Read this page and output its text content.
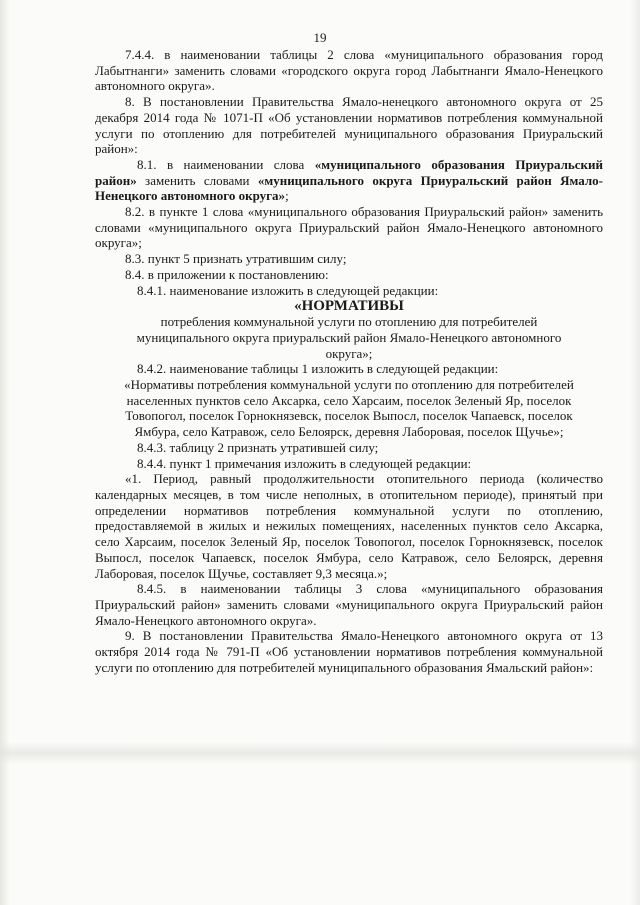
19

7.4.4. в наименовании таблицы 2 слова «муниципального образования город Лабытнанги» заменить словами «городского округа город Лабытнанги Ямало-Ненецкого автономного округа».

8. В постановлении Правительства Ямало-ненецкого автономного округа от 25 декабря 2014 года № 1071-П «Об установлении нормативов потребления коммунальной услуги по отоплению для потребителей муниципального образования Приуральский район»:

8.1. в наименовании слова «муниципального образования Приуральский район» заменить словами «муниципального округа Приуральский район Ямало-Ненецкого автономного округа»;

8.2. в пункте 1 слова «муниципального образования Приуральский район» заменить словами «муниципального округа Приуральский район Ямало-Ненецкого автономного округа»;

8.3. пункт 5 признать утратившим силу;

8.4. в приложении к постановлению:

8.4.1. наименование изложить в следующей редакции:

«НОРМАТИВЫ

потребления коммунальной услуги по отоплению для потребителей муниципального округа приуральский район Ямало-Ненецкого автономного округа»;

8.4.2. наименование таблицы 1 изложить в следующей редакции:

«Нормативы потребления коммунальной услуги по отоплению для потребителей населенных пунктов село Аксарка, село Харсаим, поселок Зеленый Яр, поселок Товопогол, поселок Горнокнязевск, поселок Выпосл, поселок Чапаевск, поселок Ямбура, село Катравож, село Белоярск, деревня Лаборовая, поселок Щучье»;

8.4.3. таблицу 2 признать утратившей силу;

8.4.4. пункт 1 примечания изложить в следующей редакции:

«1. Период, равный продолжительности отопительного периода (количество календарных месяцев, в том числе неполных, в отопительном периоде), принятый при определении нормативов потребления коммунальной услуги по отоплению, предоставляемой в жилых и нежилых помещениях, населенных пунктов село Аксарка, село Харсаим, поселок Зеленый Яр, поселок Товопогол, поселок Горнокнязевск, поселок Выпосл, поселок Чапаевск, поселок Ямбура, село Катравож, село Белоярск, деревня Лаборовая, поселок Щучье, составляет 9,3 месяца.»;

8.4.5. в наименовании таблицы 3 слова «муниципального образования Приуральский район» заменить словами «муниципального округа Приуральский район Ямало-Ненецкого автономного округа».

9. В постановлении Правительства Ямало-Ненецкого автономного округа от 13 октября 2014 года № 791-П «Об установлении нормативов потребления коммунальной услуги по отоплению для потребителей муниципального образования Ямальский район»:
